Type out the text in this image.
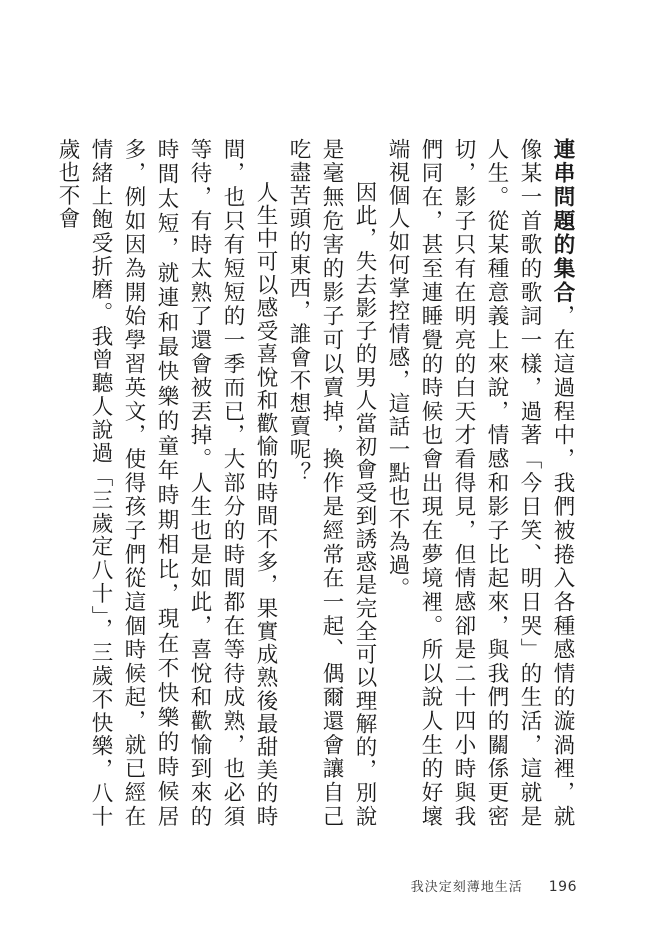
連串問題的集合，在這過程中，我們被捲入各種感情的漩渦裡，就像某一首歌的歌詞一樣，過著「今日笑、明日哭」的生活，這就是人生。從某種意義上來說，情感和影子比起來，與我們的關係更密切，影子只有在明亮的白天才看得見，但情感卻是二十四小時與我們同在，甚至連睡覺的時候也會出現在夢境裡。所以說人生的好壞端視個人如何掌控情感，這話一點也不為過。

因此，失去影子的男人當初會受到誘惑是完全可以理解的，別說是毫無危害的影子可以賣掉，換作是經常在一起、偶爾還會讓自己吃盡苦頭的東西，誰會不想賣呢？

人生中可以感受喜悅和歡愉的時間不多，果實成熟後最甜美的時間，也只有短短的一季而已，大部分的時間都在等待成熟，也必須等待，有時太熟了還會被丟掉。人生也是如此，喜悅和歡愉到來的時間太短，就連和最快樂的童年時期相比，現在不快樂的時候居多，例如因為開始學習英文，使得孩子們從這個時候起，就已經在情緒上飽受折磨。我曾聽人說過「三歲定八十」，三歲不快樂，八十歲也不會

我決定刻薄地生活 196
